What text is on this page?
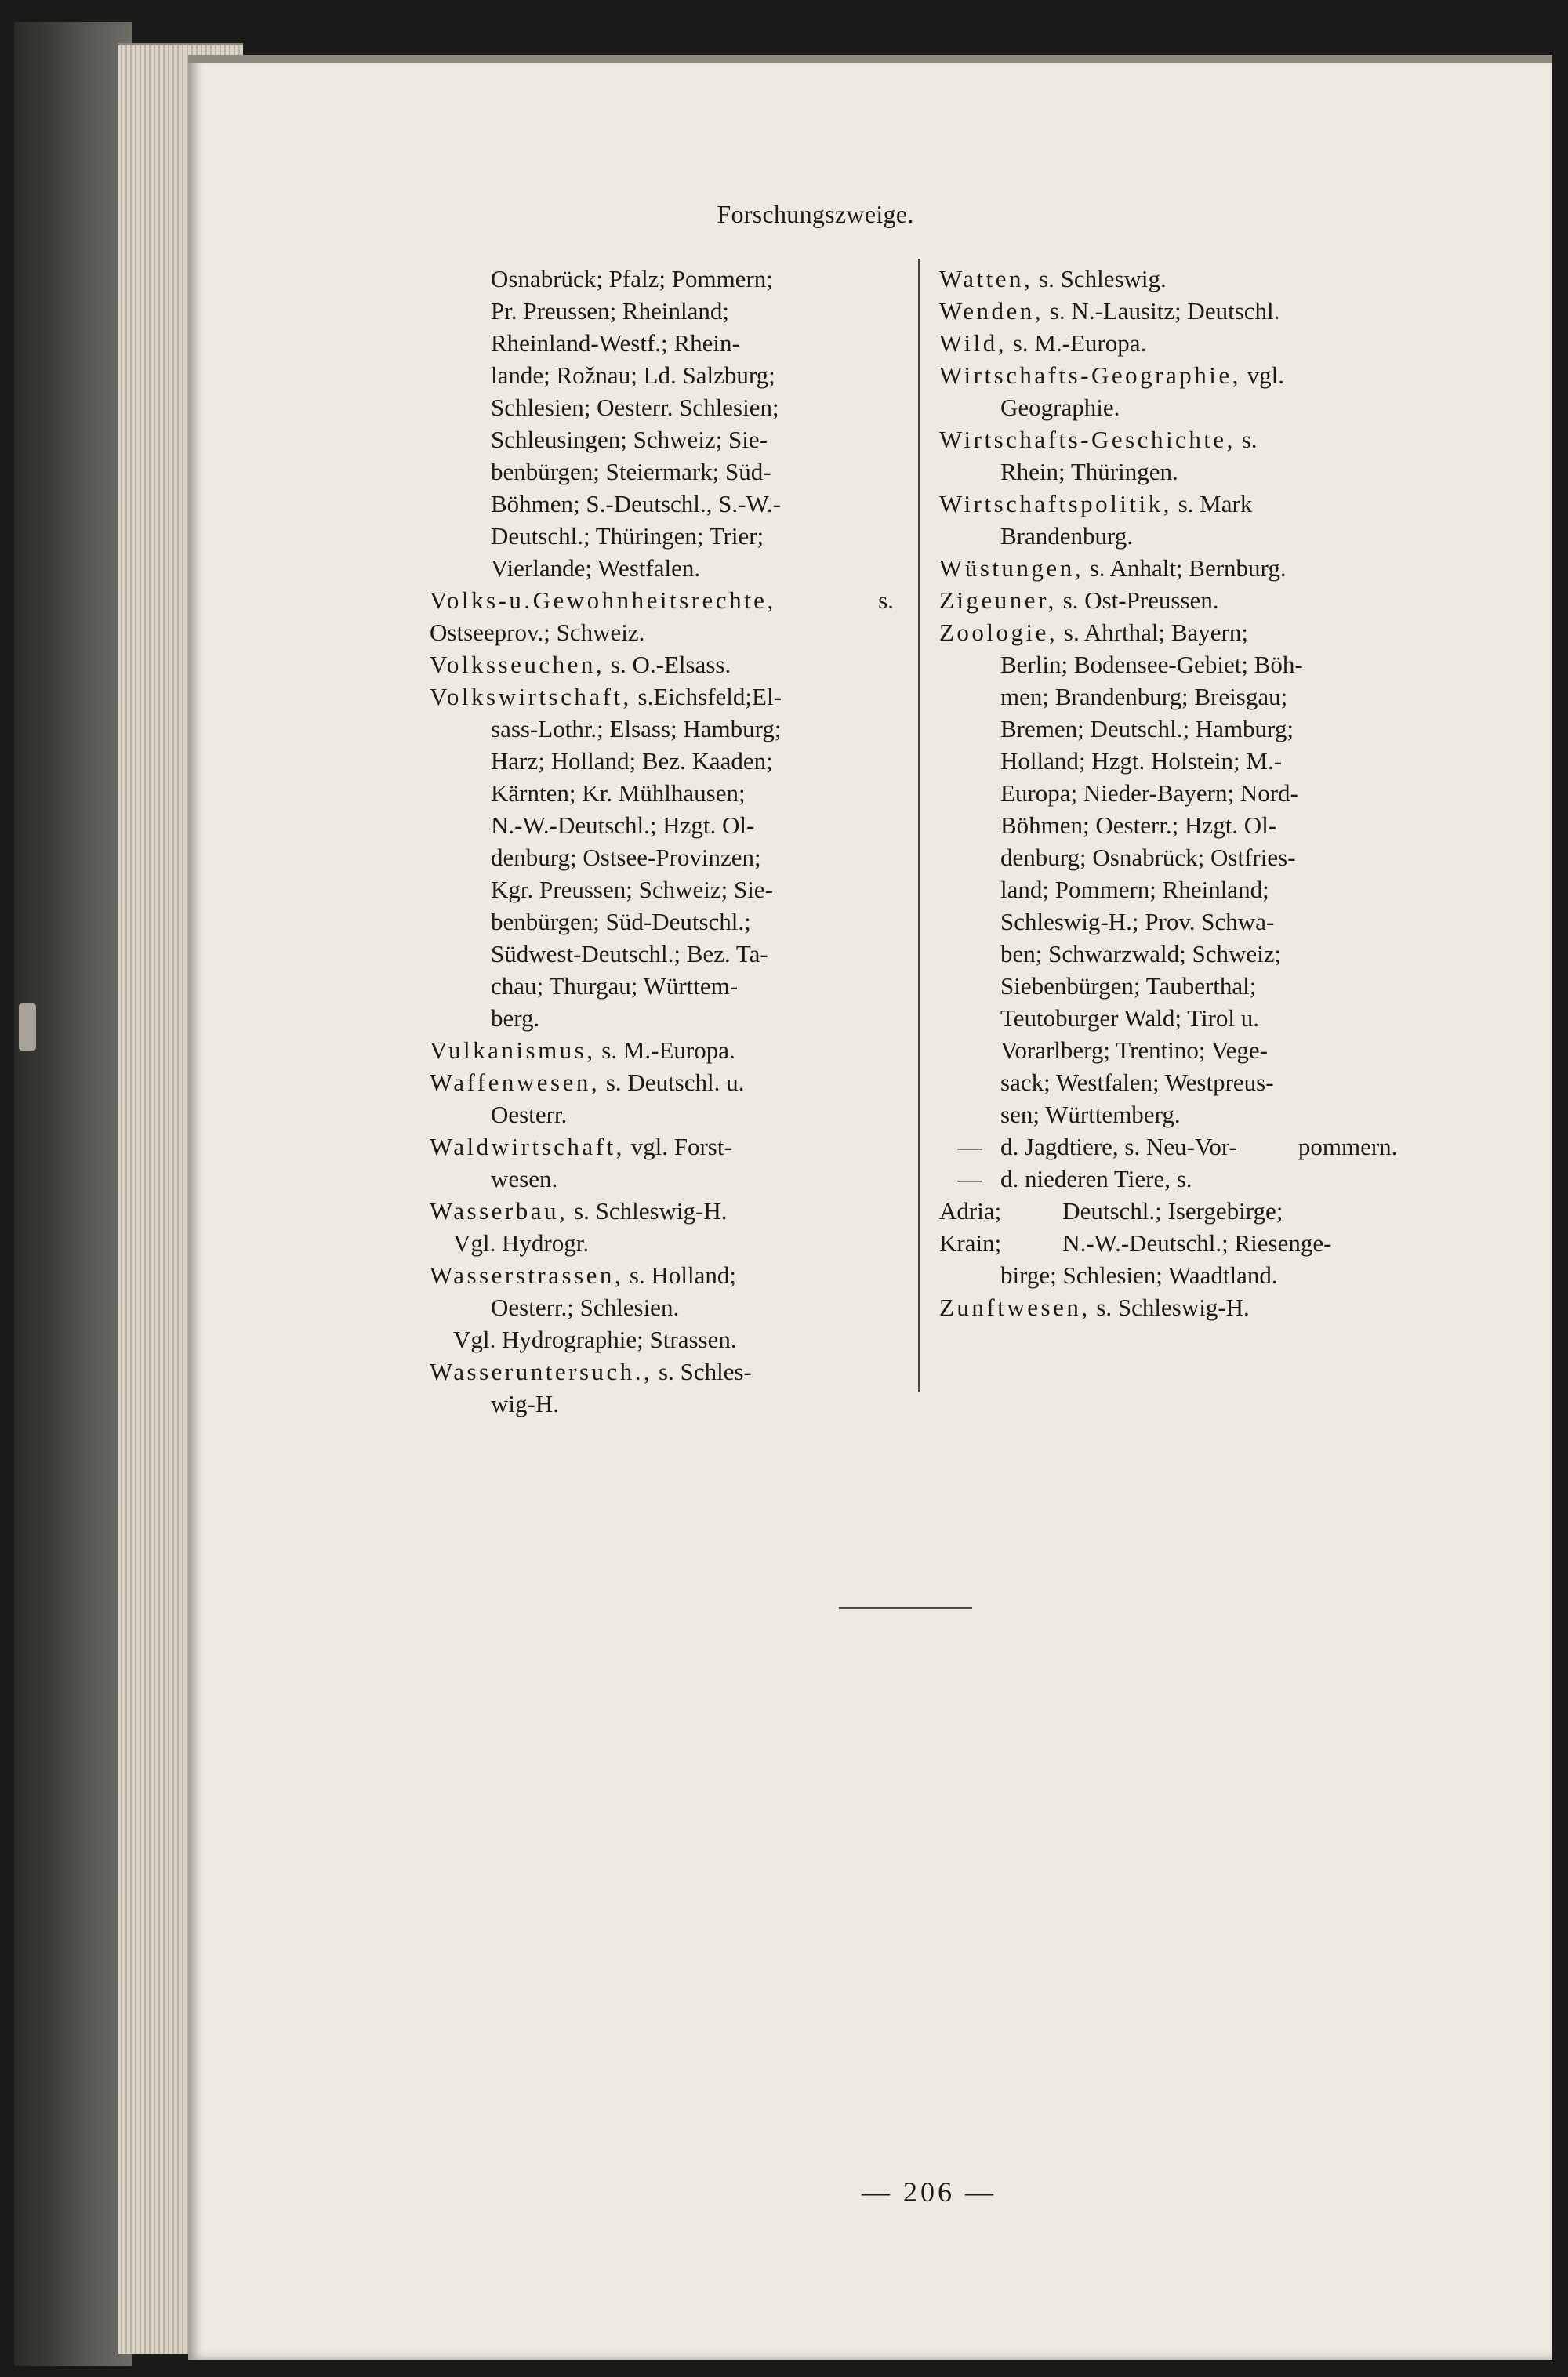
Forschungszweige.
Osnabrück; Pfalz; Pommern;
Pr. Preussen; Rheinland;
Rheinland-Westf.; Rhein-
lande; Rožnau; Ld. Salzburg;
Schlesien; Oesterr. Schlesien;
Schleusingen; Schweiz; Sie-
benbürgen; Steiermark; Süd-
Böhmen; S.-Deutschl., S.-W.-
Deutschl.; Thüringen; Trier;
Vierlande; Westfalen.
Volks-u.Gewohnheitsrechte, s. Ostseeprov.; Schweiz.
Volksseuchen, s. O.-Elsass.
Volkswirtschaft, s.Eichsfeld;El-
sass-Lothr.; Elsass; Hamburg;
Harz; Holland; Bez. Kaaden;
Kärnten; Kr. Mühlhausen;
N.-W.-Deutschl.; Hzgt. Ol-
denburg; Ostsee-Provinzen;
Kgr. Preussen; Schweiz; Sie-
benbürgen; Süd-Deutschl.;
Südwest-Deutschl.; Bez. Ta-
chau; Thurgau; Württem-
berg.
Vulkanismus, s. M.-Europa.
Waffenwesen, s. Deutschl. u.
Oesterr.
Waldwirtschaft, vgl. Forst-
wesen.
Wasserbau, s. Schleswig-H.
Vgl. Hydrogr.
Wasserstrassen, s. Holland;
Oesterr.; Schlesien.
Vgl. Hydrographie; Strassen.
Wasseruntersuch., s. Schles-
wig-H.
Watten, s. Schleswig.
Wenden, s. N.-Lausitz; Deutschl.
Wild, s. M.-Europa.
Wirtschafts-Geographie, vgl.
Geographie.
Wirtschafts-Geschichte, s.
Rhein; Thüringen.
Wirtschaftspolitik, s. Mark
Brandenburg.
Wüstungen, s. Anhalt; Bernburg.
Zigeuner, s. Ost-Preussen.
Zoologie, s. Ahrthal; Bayern;
Berlin; Bodensee-Gebiet; Böh-
men; Brandenburg; Breisgau;
Bremen; Deutschl.; Hamburg;
Holland; Hzgt. Holstein; M.-
Europa; Nieder-Bayern; Nord-
Böhmen; Oesterr.; Hzgt. Ol-
denburg; Osnabrück; Ostfries-
land; Pommern; Rheinland;
Schleswig-H.; Prov. Schwa-
ben; Schwarzwald; Schweiz;
Siebenbürgen; Tauberthal;
Teutoburger Wald; Tirol u.
Vorarlberg; Trentino; Vege-
sack; Westfalen; Westpreus-
sen; Württemberg.
— d. Jagdtiere, s. Neu-Vor-	pommern.
— d. niederen Tiere, s. Adria;	Deutschl.; Isergebirge; Krain;	N.-W.-Deutschl.; Riesenge-birge; Schlesien; Waadtland.
Zunftwesen, s. Schleswig-H.
— 206 —
